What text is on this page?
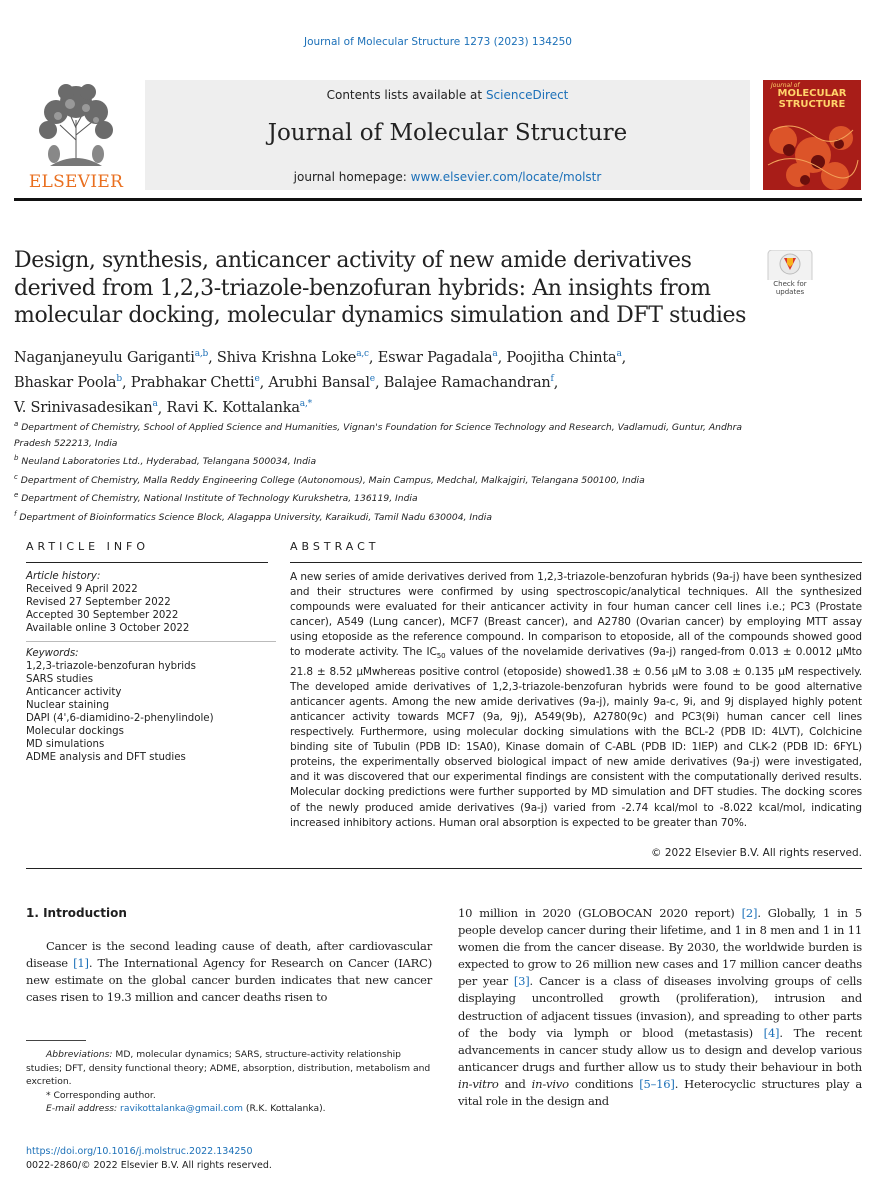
Journal of Molecular Structure 1273 (2023) 134250
ELSEVIER
Contents lists available at ScienceDirect
Journal of Molecular Structure
journal homepage: www.elsevier.com/locate/molstr
Journal of
MOLECULAR STRUCTURE
Design, synthesis, anticancer activity of new amide derivatives derived from 1,2,3-triazole-benzofuran hybrids: An insights from molecular docking, molecular dynamics simulation and DFT studies
Check for updates
Naganjaneyulu Gariganti$^{a,b}$, Shiva Krishna Loke$^{a,c}$, Eswar Pagadala$^a$, Poojitha Chinta$^a$,
Bhaskar Poola$^b$, Prabhakar Chetti$^e$, Arubhi Bansal$^e$, Balajee Ramachandran$^f$,
V. Srinivasadesikan$^a$, Ravi K. Kottalanka$^{a,*}$
$^a$ Department of Chemistry, School of Applied Science and Humanities, Vignan's Foundation for Science Technology and Research, Vadlamudi, Guntur, Andhra
Pradesh 522213, India
$^b$ Neuland Laboratories Ltd., Hyderabad, Telangana 500034, India
$^c$ Department of Chemistry, Malla Reddy Engineering College (Autonomous), Main Campus, Medchal, Malkajgiri, Telangana 500100, India
$^e$ Department of Chemistry, National Institute of Technology Kurukshetra, 136119, India
$^f$ Department of Bioinformatics Science Block, Alagappa University, Karaikudi, Tamil Nadu 630004, India
ARTICLE INFO
Article history:
Received 9 April 2022
Revised 27 September 2022
Accepted 30 September 2022
Available online 3 October 2022
Keywords:
1,2,3-triazole-benzofuran hybrids
SARS studies
Anticancer activity
Nuclear staining
DAPI (4',6-diamidino-2-phenylindole)
Molecular dockings
MD simulations
ADME analysis and DFT studies
ABSTRACT
A new series of amide derivatives derived from 1,2,3-triazole-benzofuran hybrids (9a-j) have been synthesized and their structures were confirmed by using spectroscopic/analytical techniques. All the synthesized compounds were evaluated for their anticancer activity in four human cancer cell lines i.e.; PC3 (Prostate cancer), A549 (Lung cancer), MCF7 (Breast cancer), and A2780 (Ovarian cancer) by employing MTT assay using etoposide as the reference compound. In comparison to etoposide, all of the compounds showed good to moderate activity. The $IC_{50}$ values of the novelamide derivatives (9a-j) ranged-from 0.013 ± 0.0012 μMto 21.8 ± 8.52 μMwhereas positive control (etoposide) showed1.38 ± 0.56 μM to 3.08 ± 0.135 μM respectively. The developed amide derivatives of 1,2,3-triazole-benzofuran hybrids were found to be good alternative anticancer agents. Among the new amide derivatives (9a-j), mainly 9a-c, 9i, and 9j displayed highly potent anticancer activity towards MCF7 (9a, 9j), A549(9b), A2780(9c) and PC3(9i) human cancer cell lines respectively. Furthermore, using molecular docking simulations with the BCL-2 (PDB ID: 4LVT), Colchicine binding site of Tubulin (PDB ID: 1SA0), Kinase domain of C-ABL (PDB ID: 1IEP) and CLK-2 (PDB ID: 6FYL) proteins, the experimentally observed biological impact of new amide derivatives (9a-j) were investigated, and it was discovered that our experimental findings are consistent with the computationally derived results. Molecular docking predictions were further supported by MD simulation and DFT studies. The docking scores of the newly produced amide derivatives (9a-j) varied from -2.74 kcal/mol to -8.022 kcal/mol, indicating increased inhibitory actions. Human oral absorption is expected to be greater than 70%.
© 2022 Elsevier B.V. All rights reserved.
1. Introduction
Cancer is the second leading cause of death, after cardiovascular disease [1]. The International Agency for Research on Cancer (IARC) new estimate on the global cancer burden indicates that new cancer cases risen to 19.3 million and cancer deaths risen to
10 million in 2020 (GLOBOCAN 2020 report) [2]. Globally, 1 in 5 people develop cancer during their lifetime, and 1 in 8 men and 1 in 11 women die from the cancer disease. By 2030, the worldwide burden is expected to grow to 26 million new cases and 17 million cancer deaths per year [3]. Cancer is a class of diseases involving groups of cells displaying uncontrolled growth (proliferation), intrusion and destruction of adjacent tissues (invasion), and spreading to other parts of the body via lymph or blood (metastasis) [4]. The recent advancements in cancer study allow us to design and develop various anticancer drugs and further allow us to study their behaviour in both in-vitro and in-vivo conditions [5–16]. Heterocyclic structures play a vital role in the design and
Abbreviations: MD, molecular dynamics; SARS, structure-activity relationship studies; DFT, density functional theory; ADME, absorption, distribution, metabolism and excretion.
* Corresponding author.
E-mail address: ravikottalanka@gmail.com (R.K. Kottalanka).
https://doi.org/10.1016/j.molstruc.2022.134250
0022-2860/© 2022 Elsevier B.V. All rights reserved.
